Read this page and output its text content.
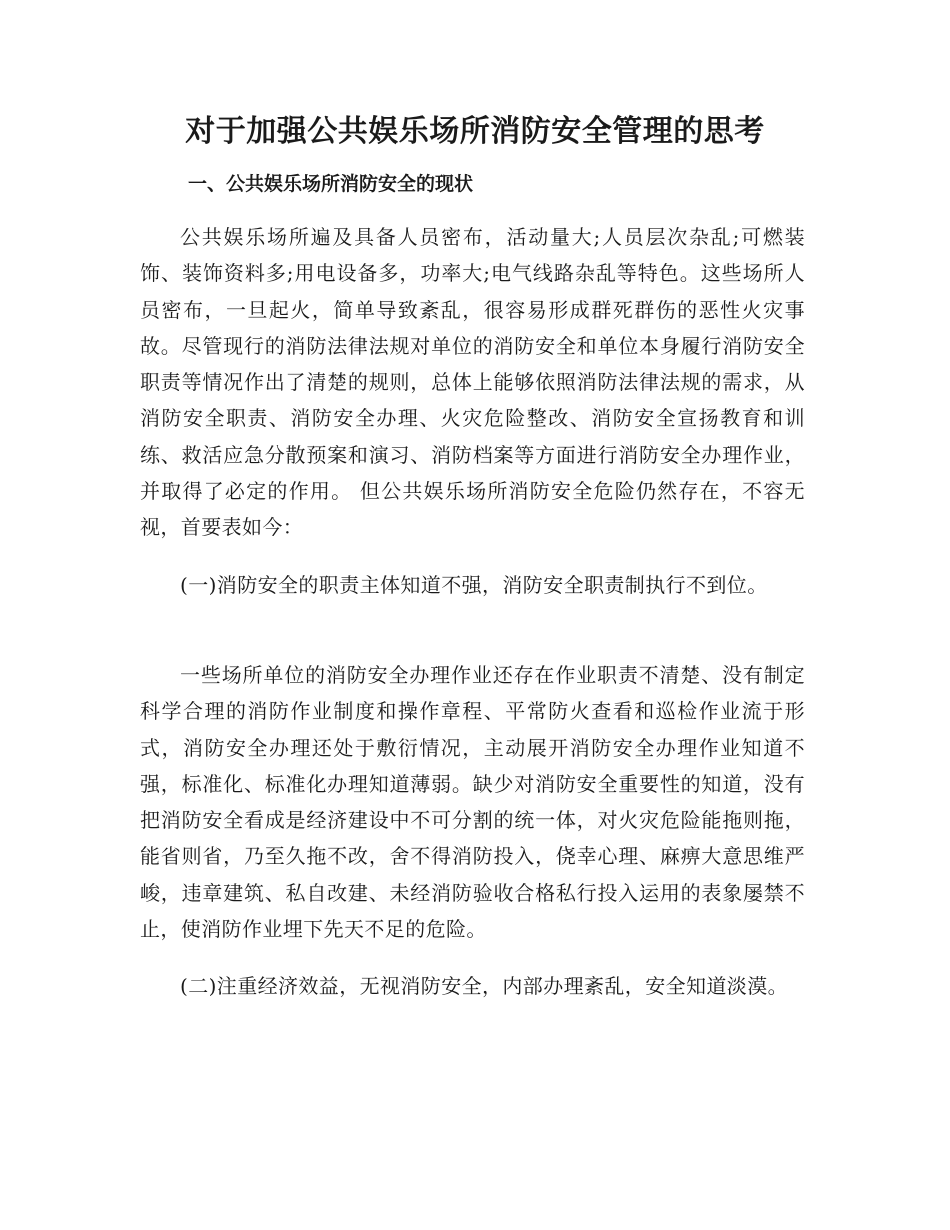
对于加强公共娱乐场所消防安全管理的思考
一、公共娱乐场所消防安全的现状

公共娱乐场所遍及具备人员密布，活动量大;人员层次杂乱;可燃装饰、装饰资料多;用电设备多，功率大;电气线路杂乱等特色。这些场所人员密布，一旦起火，简单导致紊乱，很容易形成群死群伤的恶性火灾事故。尽管现行的消防法律法规对单位的消防安全和单位本身履行消防安全职责等情况作出了清楚的规则，总体上能够依照消防法律法规的需求，从消防安全职责、消防安全办理、火灾危险整改、消防安全宣扬教育和训练、救活应急分散预案和演习、消防档案等方面进行消防安全办理作业，并取得了必定的作用。 但公共娱乐场所消防安全危险仍然存在，不容无视，首要表如今：

(一)消防安全的职责主体知道不强，消防安全职责制执行不到位。

一些场所单位的消防安全办理作业还存在作业职责不清楚、没有制定科学合理的消防作业制度和操作章程、平常防火查看和巡检作业流于形式，消防安全办理还处于敷衍情况，主动展开消防安全办理作业知道不强，标准化、标准化办理知道薄弱。缺少对消防安全重要性的知道，没有把消防安全看成是经济建设中不可分割的统一体，对火灾危险能拖则拖，能省则省，乃至久拖不改，舍不得消防投入，侥幸心理、麻痹大意思维严峻，违章建筑、私自改建、未经消防验收合格私行投入运用的表象屡禁不止，使消防作业埋下先天不足的危险。

(二)注重经济效益，无视消防安全，内部办理紊乱，安全知道淡漠。
